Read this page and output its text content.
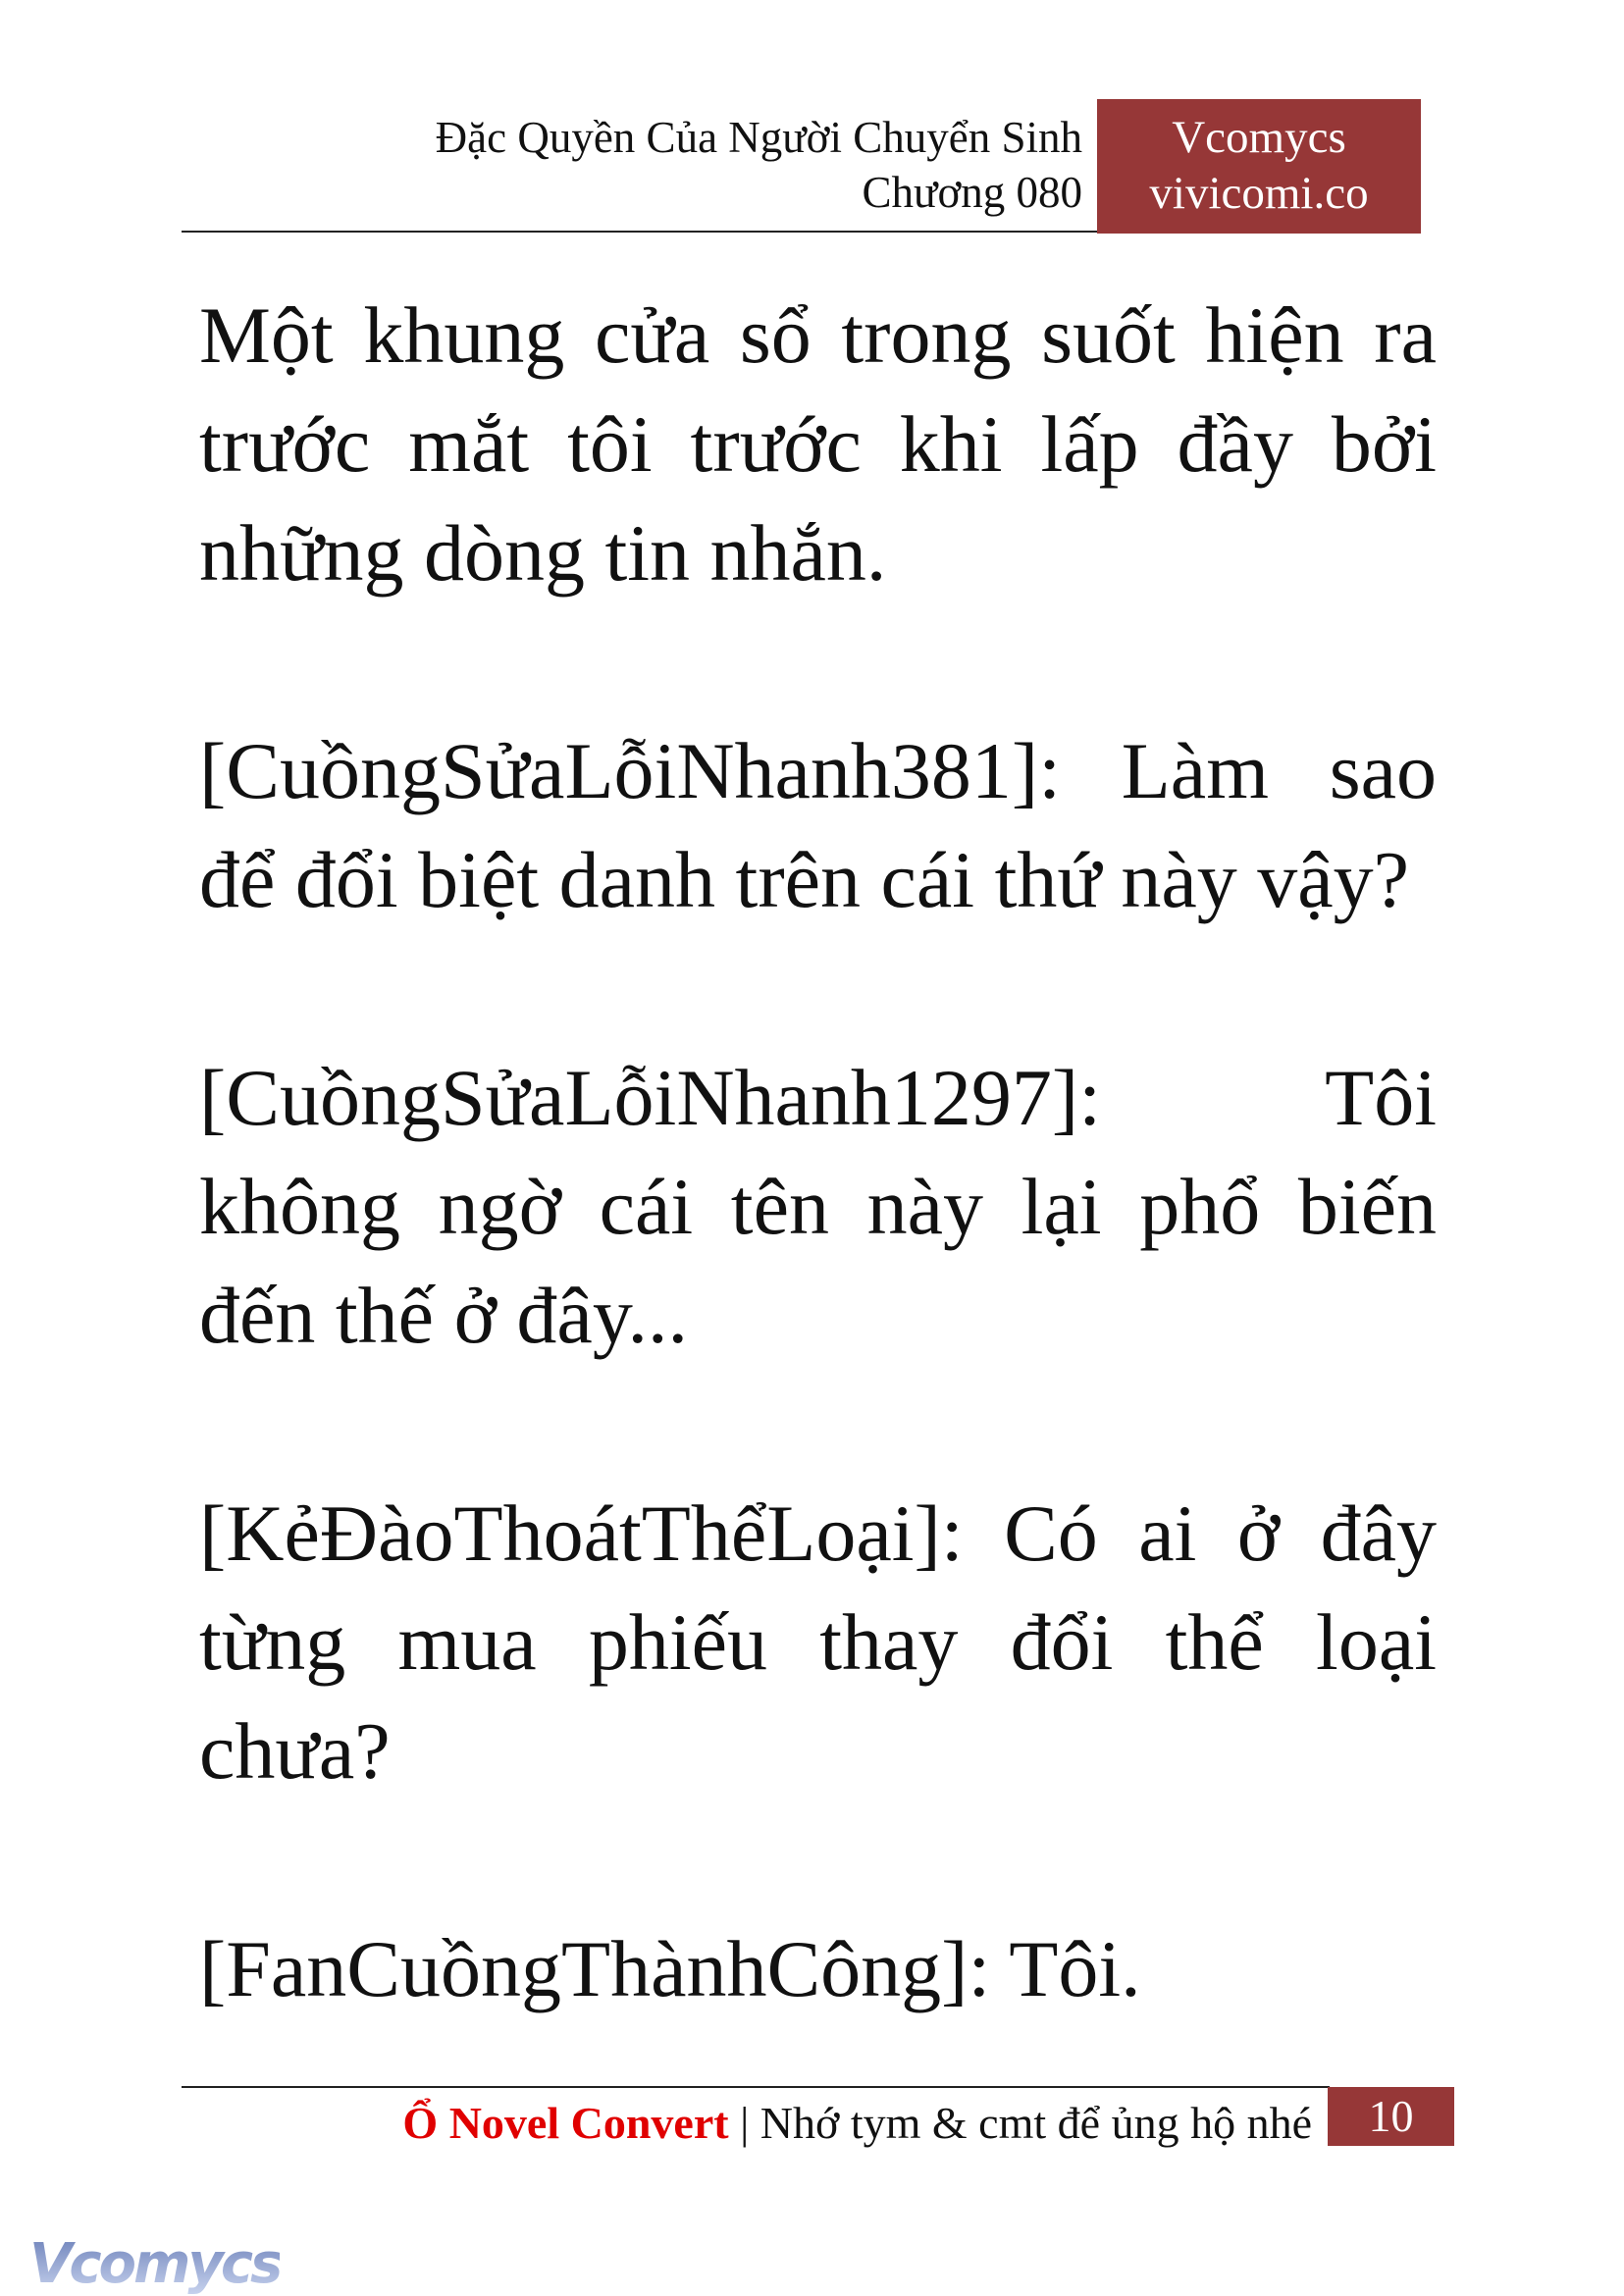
Đặc Quyền Của Người Chuyển Sinh
Chương 080
Vcomycs
vivicomi.co

Một khung cửa sổ trong suốt hiện ra trước mắt tôi trước khi lấp đầy bởi những dòng tin nhắn.

[CuồngSửaLỗiNhanh381]: Làm sao để đổi biệt danh trên cái thứ này vậy?

[CuồngSửaLỗiNhanh1297]: Tôi không ngờ cái tên này lại phổ biến đến thế ở đây...

[KẻĐàoThoátThểLoại]: Có ai ở đây từng mua phiếu thay đổi thể loại chưa?

[FanCuồngThànhCông]: Tôi.

Ổ Novel Convert | Nhớ tym & cmt để ủng hộ nhé	10
Vcomycs
